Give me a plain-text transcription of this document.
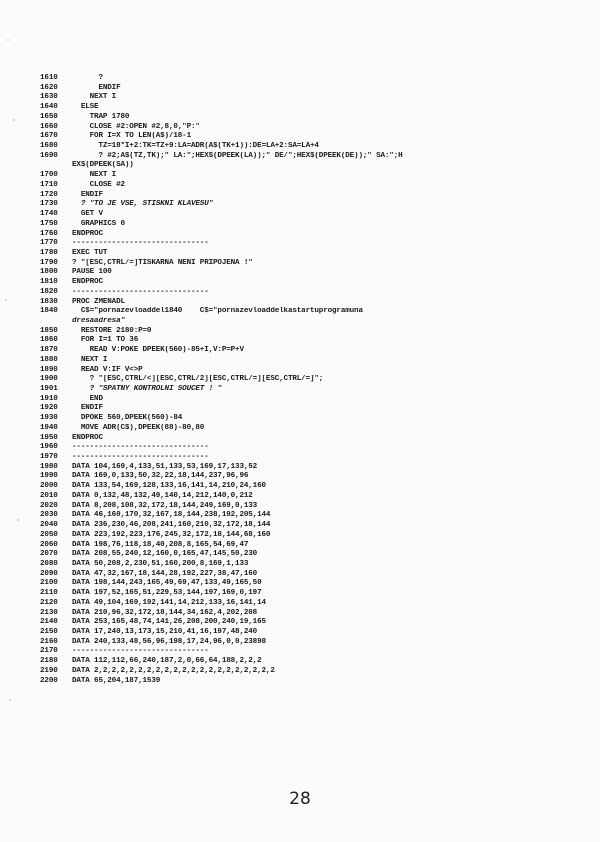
1610	?
1620	ENDIF
1630	NEXT I
1640	ELSE
1650	TRAP 1780
1660	CLOSE #2:OPEN #2,8,0,"P:"
1670	FOR I=X TO LEN(A$)/18-1
1680	TZ=18*I+2:TK=TZ+9:LA=ADR(A$(TK+1)):DE=LA+2:SA=LA+4
1690	? #2;A$(TZ,TK);" LA:";HEX$(DPEEK(LA));" DE/";HEX$(DPEEK(DE));" SA:";H
EX$(DPEEK(SA))
1700	NEXT I
1710	CLOSE #2
1720	ENDIF
1730	? "TO JE VSE, STISKNI KLAVESU"
1740	GET V
1750	GRAPHICS 0
1760	ENDPROC
1770	-------------------------------
1780	EXEC TUT
1790	? "[ESC,CTRL/=]TISKARNA NENI PRIPOJENA !"
1800	PAUSE 100
1810	ENDPROC
1820	-------------------------------
1830	PROC ZMENADL
1840	C$="pornazevloaddel1840    C$="pornazevloaddelkastartuprogramuna
dresaadresa"
1850	RESTORE 2180:P=0
1860	FOR I=1 TO 36
1870	READ V:POKE DPEEK(560)-85+I,V:P=P+V
1880	NEXT I
1890	READ V:IF V<>P
1900	? "[ESC,CTRL/<][ESC,CTRL/2][ESC,CTRL/=][ESC,CTRL/=]";
1901	? "SPATNY KONTROLNI SOUCET ! "
1910	END
1920	ENDIF
1930	DPOKE 560,DPEEK(560)-84
1940	MOVE ADR(C$),DPEEK(88)-80,80
1950	ENDPROC
1960	-------------------------------
1970	-------------------------------
1980	DATA 104,169,4,133,51,133,53,169,17,133,52
1990	DATA 169,0,133,50,32,22,18,144,237,96,96
2000	DATA 133,54,169,128,133,16,141,14,210,24,160
2010	DATA 0,132,48,132,49,140,14,212,140,0,212
2020	DATA 8,208,108,32,172,18,144,249,169,0,133
2030	DATA 46,160,170,32,167,18,144,238,192,205,144
2040	DATA 236,230,46,208,241,160,210,32,172,18,144
2050	DATA 223,192,223,176,245,32,172,18,144,68,160
2060	DATA 198,76,118,18,40,208,8,165,54,69,47
2070	DATA 208,55,240,12,160,0,165,47,145,50,230
2080	DATA 50,208,2,230,51,160,200,8,169,1,133
2090	DATA 47,32,167,18,144,28,192,227,38,47,160
2100	DATA 198,144,243,165,49,69,47,133,49,165,50
2110	DATA 197,52,165,51,229,53,144,197,169,0,197
2120	DATA 49,104,169,192,141,14,212,133,16,141,14
2130	DATA 210,96,32,172,18,144,34,162,4,202,208
2140	DATA 253,165,48,74,141,26,208,200,240,19,165
2150	DATA 17,240,13,173,15,210,41,16,197,48,240
2160	DATA 240,133,48,56,96,198,17,24,96,0,0,23898
2170	-------------------------------
2180	DATA 112,112,66,240,187,2,0,66,64,188,2,2,2
2190	DATA 2,2,2,2,2,2,2,2,2,2,2,2,2,2,2,2,2,2,2,2,2
2200	DATA 65,204,187,1539
28
